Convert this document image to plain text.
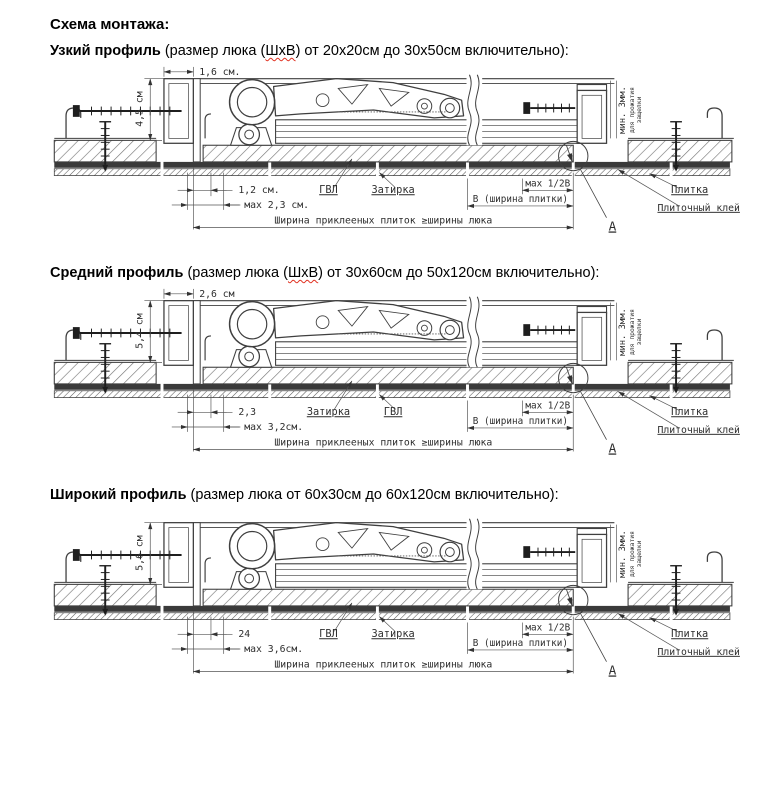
Схема монтажа:

Узкий профиль (размер люка (ШхВ) от 20х20см до 30х50см включительно):

1,6 см.
4,5 см
1,2 см.
мах 2,3 см.
ГВЛ	Затирка
мах 1/2В
В (ширина плитки)
Плитка
Плиточный клей
Ширина приклееных плиток ≥ширины люка
мин. 3мм. для прожатия защелки
А

Средний профиль (размер люка (ШхВ) от 30х60см до 50х120см включительно):

2,6 см
5,4 см
2,3
мах 3,2см.
Затирка	ГВЛ
мах 1/2В
В (ширина плитки)
Плитка
Плиточный клей
Ширина приклееных плиток ≥ширины люка
мин. 3мм. для прожатия защелки
А

Широкий профиль (размер люка от 60х30см до 60х120см включительно):

5,6 см
24
мах 3,6см.
ГВЛ	Затирка
мах 1/2В
В (ширина плитки)
Плитка
Плиточный клей
Ширина приклееных плиток ≥ширины люка
мин. 3мм. для прожатия защелки
А
